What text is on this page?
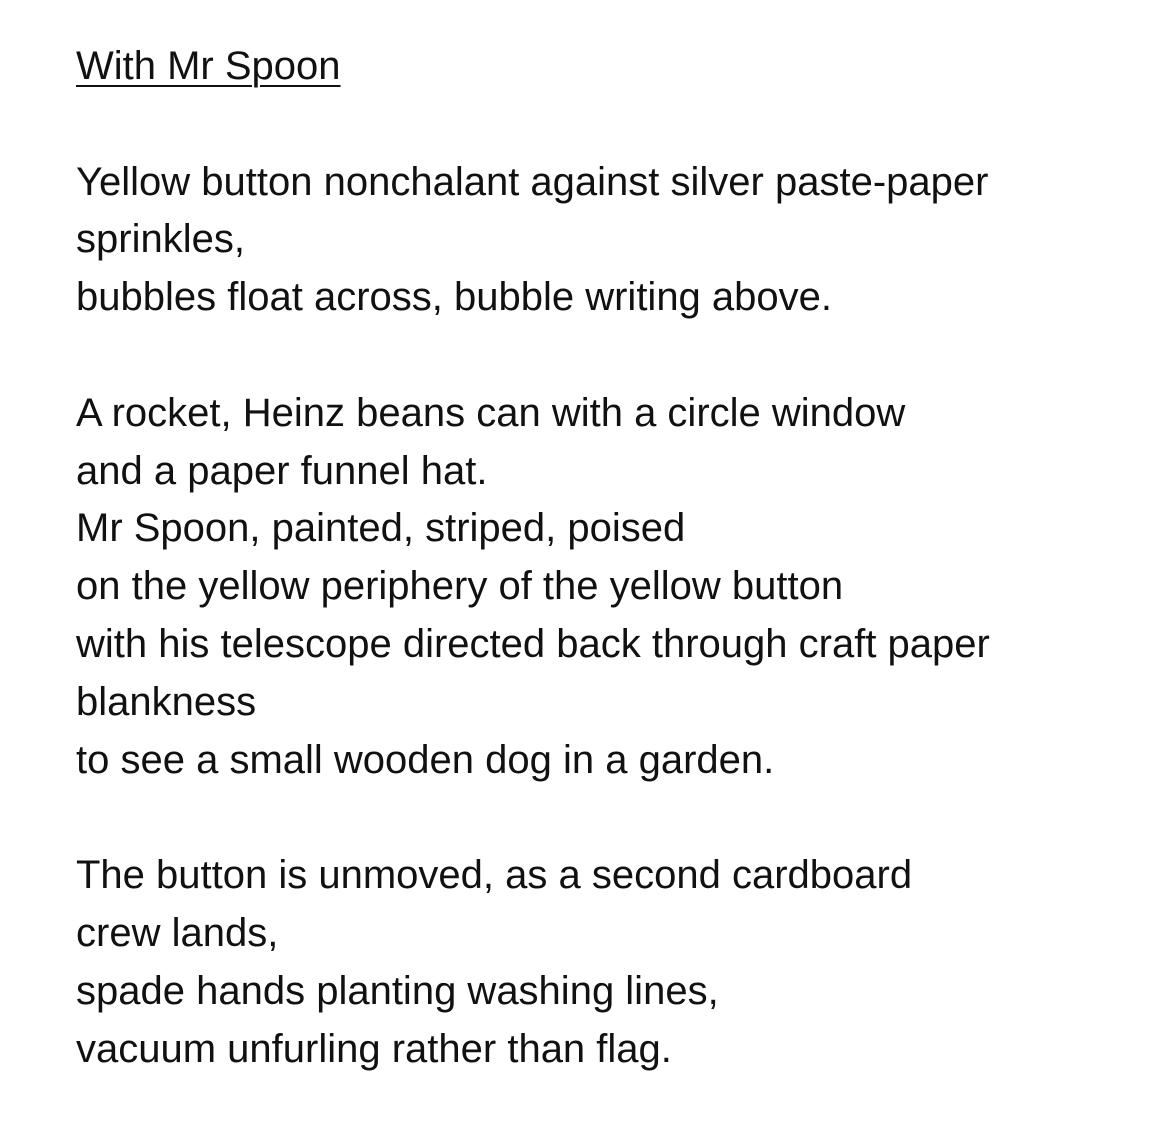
With Mr Spoon
Yellow button nonchalant against silver paste-paper
sprinkles,
bubbles float across, bubble writing above.
A rocket, Heinz beans can with a circle window
and a paper funnel hat.
Mr Spoon, painted, striped, poised
on the yellow periphery of the yellow button
with his telescope directed back through craft paper
blankness
to see a small wooden dog in a garden.
The button is unmoved, as a second cardboard
crew lands,
spade hands planting washing lines,
vacuum unfurling rather than flag.
